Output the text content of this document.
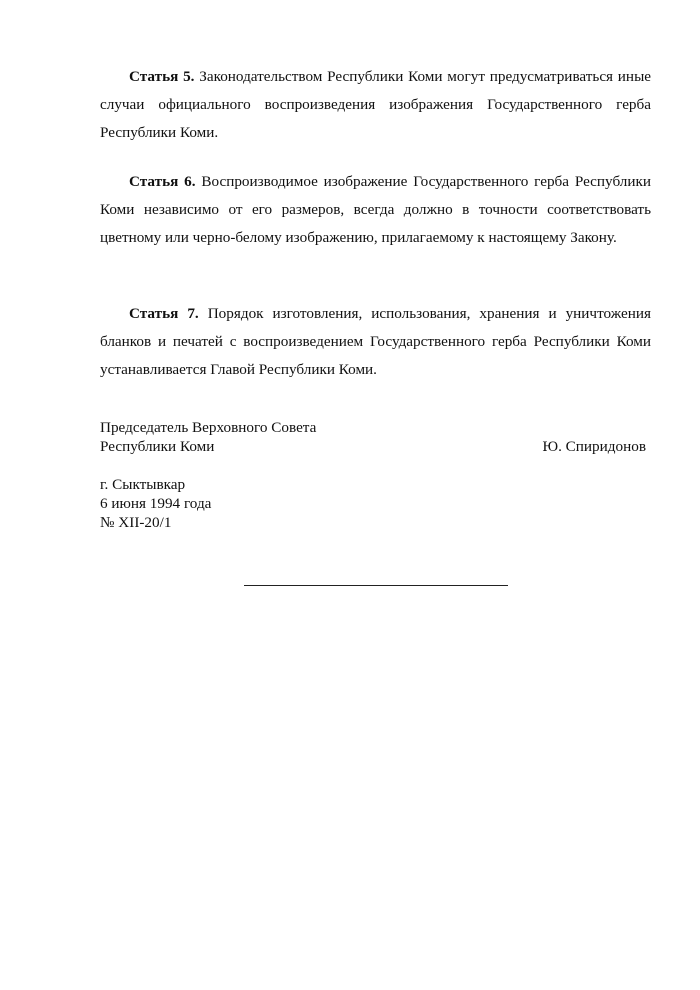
Статья 5. Законодательством Республики Коми могут предусматриваться иные случаи официального воспроизведения изображения Государственного герба Республики Коми.

Статья 6. Воспроизводимое изображение Государственного герба Республики Коми независимо от его размеров, всегда должно в точности соответствовать цветному или черно-белому изображению, прилагаемому к настоящему Закону.

Статья 7. Порядок изготовления, использования, хранения и уничтожения бланков и печатей с воспроизведением Государственного герба Республики Коми устанавливается Главой Республики Коми.

Председатель Верховного Совета
Республики Коми	Ю. Спиридонов
г. Сыктывкар
6 июня 1994 года
№ XII-20/1
